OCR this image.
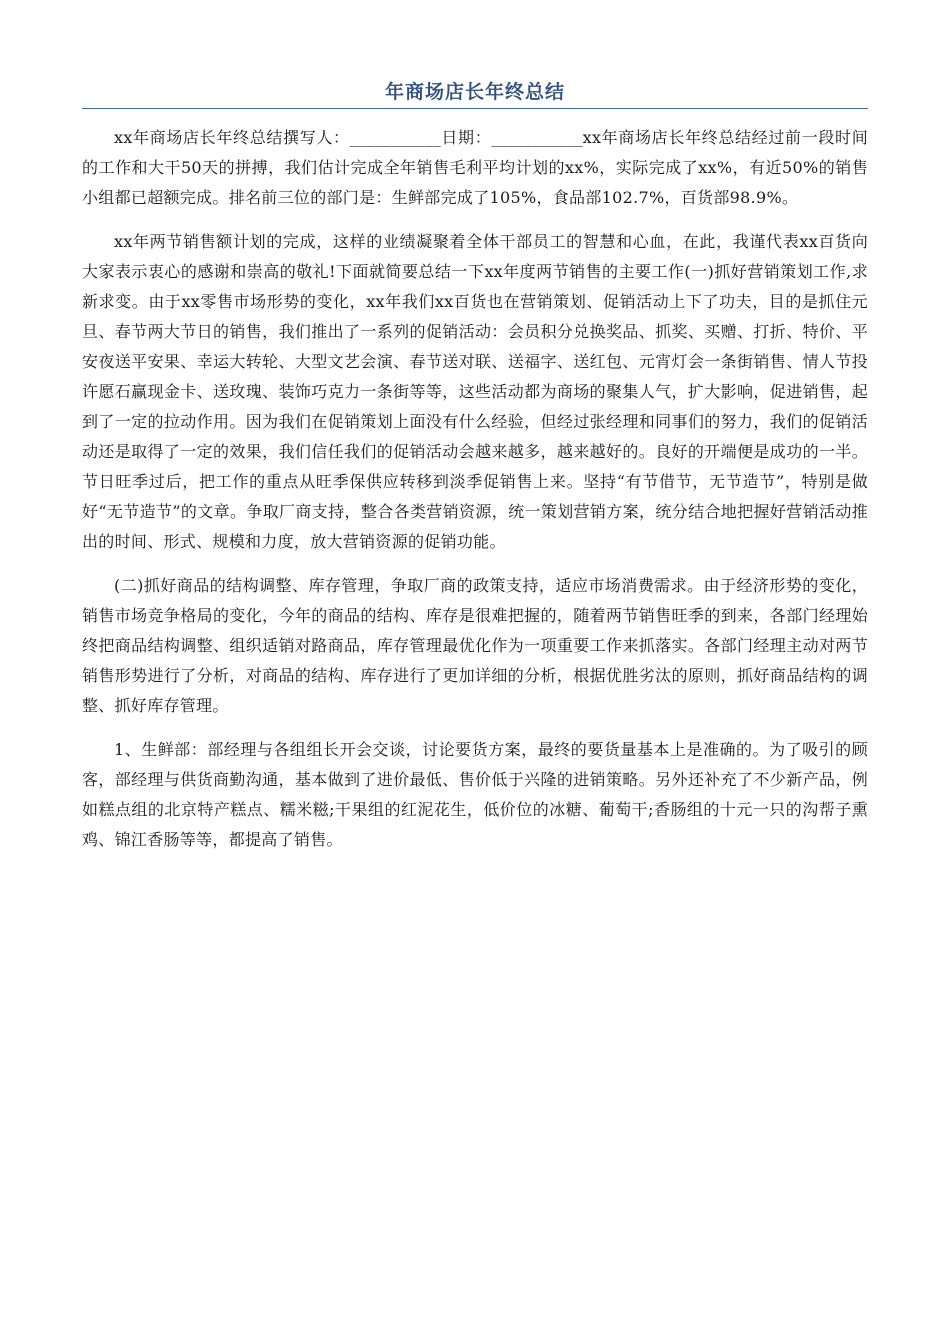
年商场店长年终总结

xx年商场店长年终总结撰写人：___________日期：___________xx年商场店长年终总结经过前一段时间的工作和大干50天的拼搏，我们估计完成全年销售毛利平均计划的xx%，实际完成了xx%，有近50%的销售小组都已超额完成。排名前三位的部门是：生鲜部完成了105%，食品部102.7%，百货部98.9%。

xx年两节销售额计划的完成，这样的业绩凝聚着全体干部员工的智慧和心血，在此，我谨代表xx百货向大家表示衷心的感谢和崇高的敬礼!下面就简要总结一下xx年度两节销售的主要工作(一)抓好营销策划工作,求新求变。由于xx零售市场形势的变化，xx年我们xx百货也在营销策划、促销活动上下了功夫，目的是抓住元旦、春节两大节日的销售，我们推出了一系列的促销活动：会员积分兑换奖品、抓奖、买赠、打折、特价、平安夜送平安果、幸运大转轮、大型文艺会演、春节送对联、送福字、送红包、元宵灯会一条街销售、情人节投许愿石赢现金卡、送玫瑰、装饰巧克力一条街等等，这些活动都为商场的聚集人气，扩大影响，促进销售，起到了一定的拉动作用。因为我们在促销策划上面没有什么经验，但经过张经理和同事们的努力，我们的促销活动还是取得了一定的效果，我们信任我们的促销活动会越来越多，越来越好的。良好的开端便是成功的一半。节日旺季过后，把工作的重点从旺季保供应转移到淡季促销售上来。坚持“有节借节，无节造节”，特别是做好“无节造节”的文章。争取厂商支持，整合各类营销资源，统一策划营销方案，统分结合地把握好营销活动推出的时间、形式、规模和力度，放大营销资源的促销功能。

(二)抓好商品的结构调整、库存管理，争取厂商的政策支持，适应市场消费需求。由于经济形势的变化，销售市场竞争格局的变化，今年的商品的结构、库存是很难把握的，随着两节销售旺季的到来，各部门经理始终把商品结构调整、组织适销对路商品，库存管理最优化作为一项重要工作来抓落实。各部门经理主动对两节销售形势进行了分析，对商品的结构、库存进行了更加详细的分析，根据优胜劣汰的原则，抓好商品结构的调整、抓好库存管理。

1、生鲜部：部经理与各组组长开会交谈，讨论要货方案，最终的要货量基本上是准确的。为了吸引的顾客，部经理与供货商勤沟通，基本做到了进价最低、售价低于兴隆的进销策略。另外还补充了不少新产品，例如糕点组的北京特产糕点、糯米糍;干果组的红泥花生，低价位的冰糖、葡萄干;香肠组的十元一只的沟帮子熏鸡、锦江香肠等等，都提高了销售。
